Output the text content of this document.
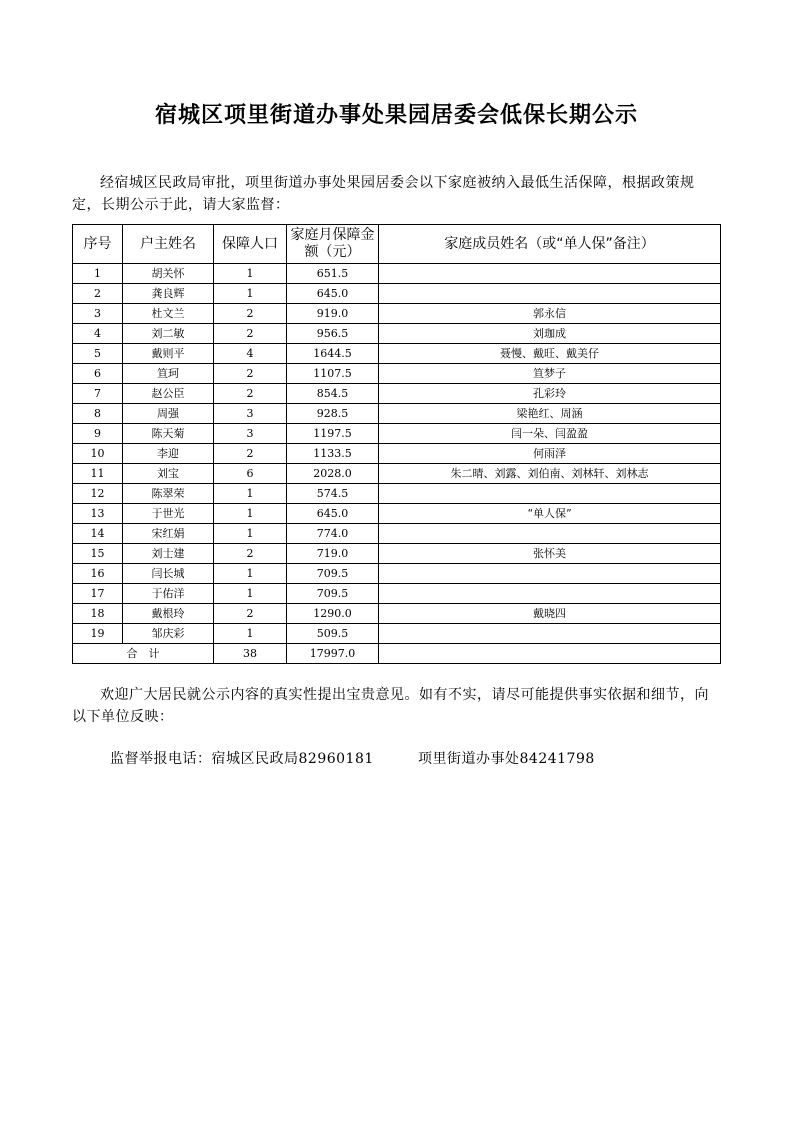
宿城区项里街道办事处果园居委会低保长期公示
经宿城区民政局审批，项里街道办事处果园居委会以下家庭被纳入最低生活保障，根据政策规定，长期公示于此，请大家监督：
序号	户主姓名	保障人口	家庭月保障金额（元）	家庭成员姓名（或“单人保”备注）
1	胡关怀	1	651.5	
2	龚良辉	1	645.0	
3	杜文兰	2	919.0	郭永信
4	刘二敏	2	956.5	刘珈成
5	戴则平	4	1644.5	聂慢、戴旺、戴美仔
6	笪珂	2	1107.5	笪梦子
7	赵公臣	2	854.5	孔彩玲
8	周强	3	928.5	梁艳红、周涵
9	陈天菊	3	1197.5	闫一朵、闫盈盈
10	李迎	2	1133.5	何雨泽
11	刘宝	6	2028.0	朱二晴、刘露、刘伯南、刘林轩、刘林志
12	陈翠荣	1	574.5	
13	于世光	1	645.0	“单人保”
14	宋红娟	1	774.0	
15	刘士建	2	719.0	张怀美
16	闫长城	1	709.5	
17	于佑洋	1	709.5	
18	戴根玲	2	1290.0	戴晓四
19	邹庆彩	1	509.5	
合　计		38	17997.0	
欢迎广大居民就公示内容的真实性提出宝贵意见。如有不实，请尽可能提供事实依据和细节，向以下单位反映：
监督举报电话：宿城区民政局82960181	项里街道办事处84241798
